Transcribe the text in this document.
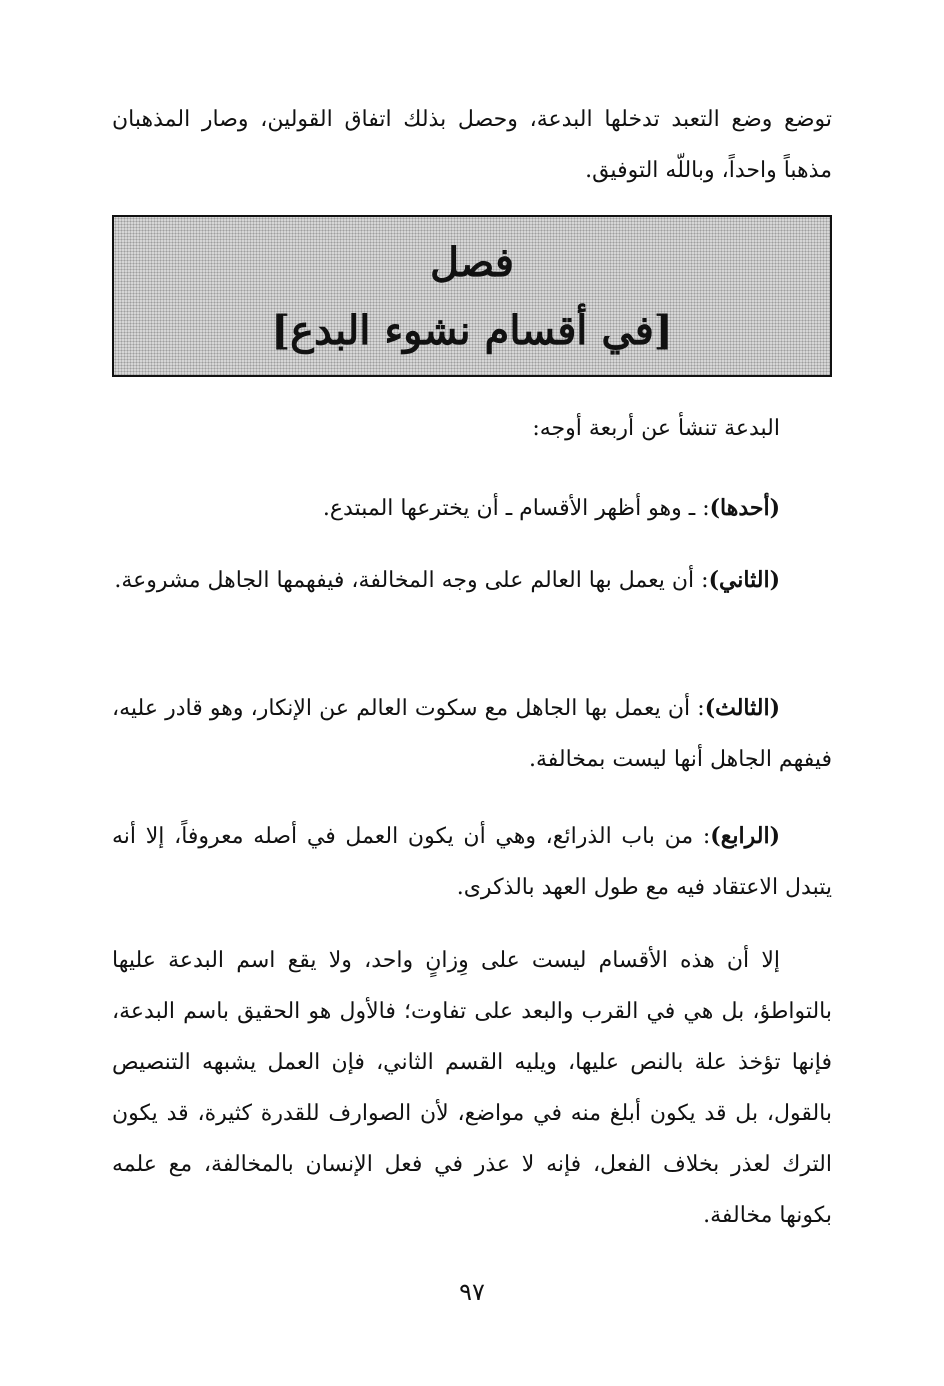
توضع وضع التعبد تدخلها البدعة، وحصل بذلك اتفاق القولين، وصار المذهبان مذهباً واحداً، وباللّه التوفيق.

فصل
[في أقسام نشوء البدع]

البدعة تنشأ عن أربعة أوجه:

(أحدها): ـ وهو أظهر الأقسام ـ أن يخترعها المبتدع.

(الثاني): أن يعمل بها العالم على وجه المخالفة، فيفهمها الجاهل مشروعة.

(الثالث): أن يعمل بها الجاهل مع سكوت العالم عن الإنكار، وهو قادر عليه، فيفهم الجاهل أنها ليست بمخالفة.

(الرابع): من باب الذرائع، وهي أن يكون العمل في أصله معروفاً، إلا أنه يتبدل الاعتقاد فيه مع طول العهد بالذكرى.

إلا أن هذه الأقسام ليست على وِزانٍ واحد، ولا يقع اسم البدعة عليها بالتواطؤ، بل هي في القرب والبعد على تفاوت؛ فالأول هو الحقيق باسم البدعة، فإنها تؤخذ علة بالنص عليها، ويليه القسم الثاني، فإن العمل يشبهه التنصيص بالقول، بل قد يكون أبلغ منه في مواضع، لأن الصوارف للقدرة كثيرة، قد يكون الترك لعذر بخلاف الفعل، فإنه لا عذر في فعل الإنسان بالمخالفة، مع علمه بكونها مخالفة.

٩٧
